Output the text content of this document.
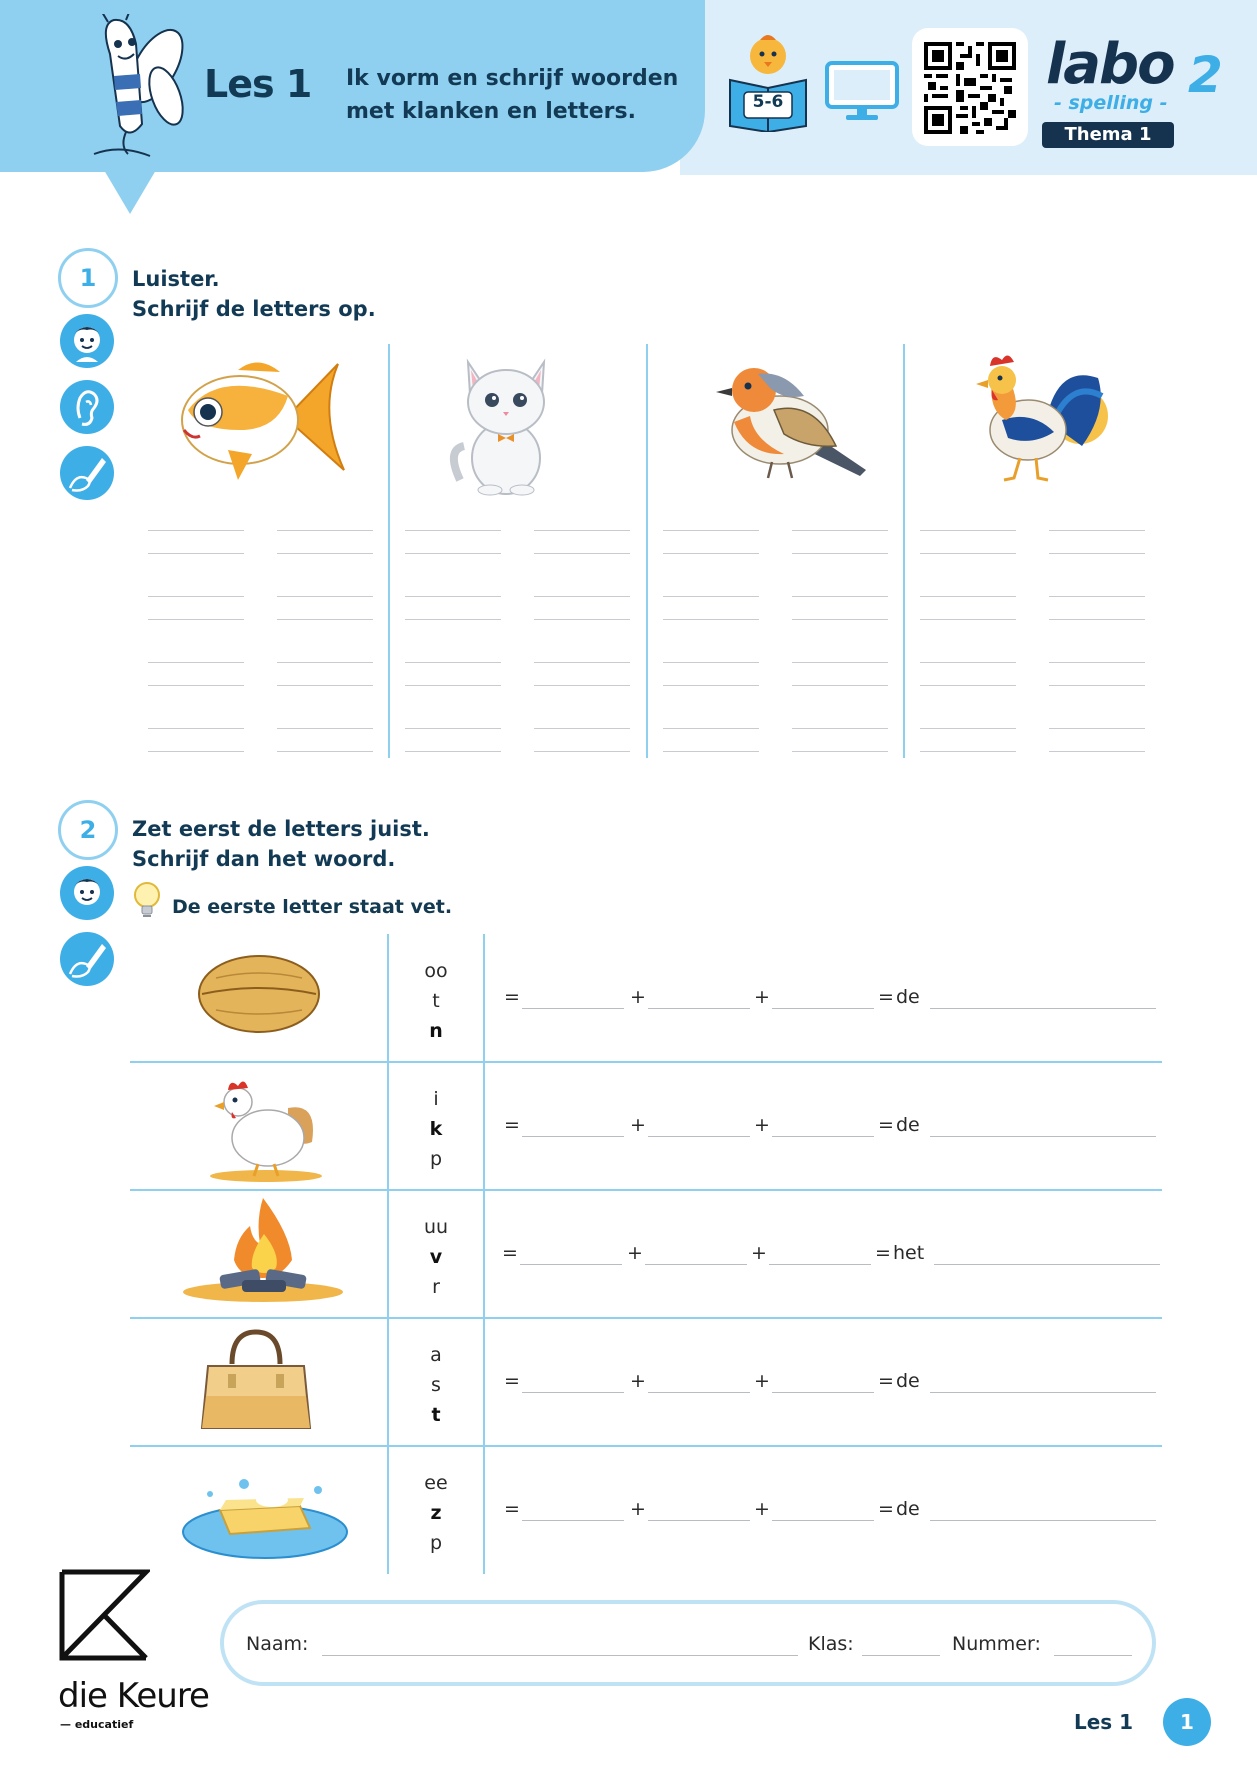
Les 1 Ik vorm en schrijf woorden
met klanken en letters.	5-6
labo 2
- spelling -
Thema 1
1	Luister.
Schrijf de letters op.
2	Zet eerst de letters juist.
Schrijf dan het woord.
De eerste letter staat vet.
oo
t
n
=	+	+	= de
i
k
p
=	+	+	= de
uu
v
r
=	+	+	= het
a
s
t
=	+	+	= de
ee
z
p
=	+	+	= de
die Keure
— educatief
Naam:	Klas:	Nummer:
Les 1	1
